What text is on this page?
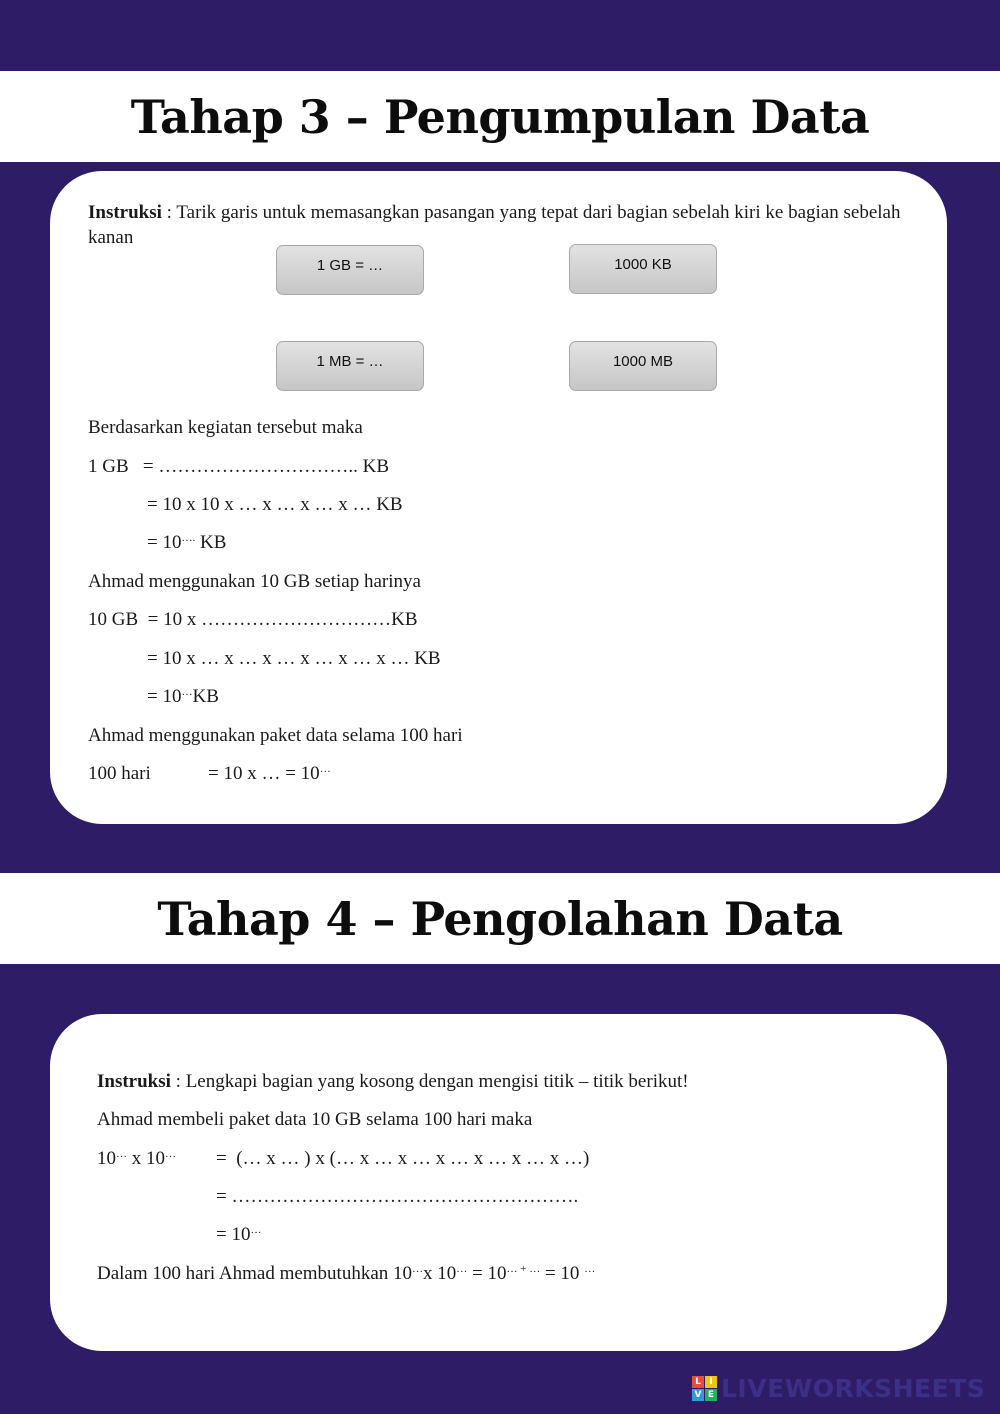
Tahap 3 – Pengumpulan Data
Instruksi : Tarik garis untuk memasangkan pasangan yang tepat dari bagian sebelah kiri ke bagian sebelah kanan
1 GB = …	1000 KB
1 MB = …	1000 MB
Berdasarkan kegiatan tersebut maka
1 GB   = ………………………….. KB
= 10 x 10 x … x … x … x … KB
= 10…. KB
Ahmad menggunakan 10 GB setiap harinya
10 GB  = 10 x …………………………KB
= 10 x … x … x … x … x … x … KB
= 10…KB
Ahmad menggunakan paket data selama 100 hari
100 hari	= 10 x … = 10…
Tahap 4 – Pengolahan Data
Instruksi : Lengkapi bagian yang kosong dengan mengisi titik – titik berikut!
Ahmad membeli paket data 10 GB selama 100 hari maka
10… x 10… =  (… x … ) x (… x … x … x … x … x … x …)
= ……………………………………………….
= 10…
Dalam 100 hari Ahmad membutuhkan 10…x 10… = 10… + … = 10 …
L I
V E LIVEWORKSHEETS
